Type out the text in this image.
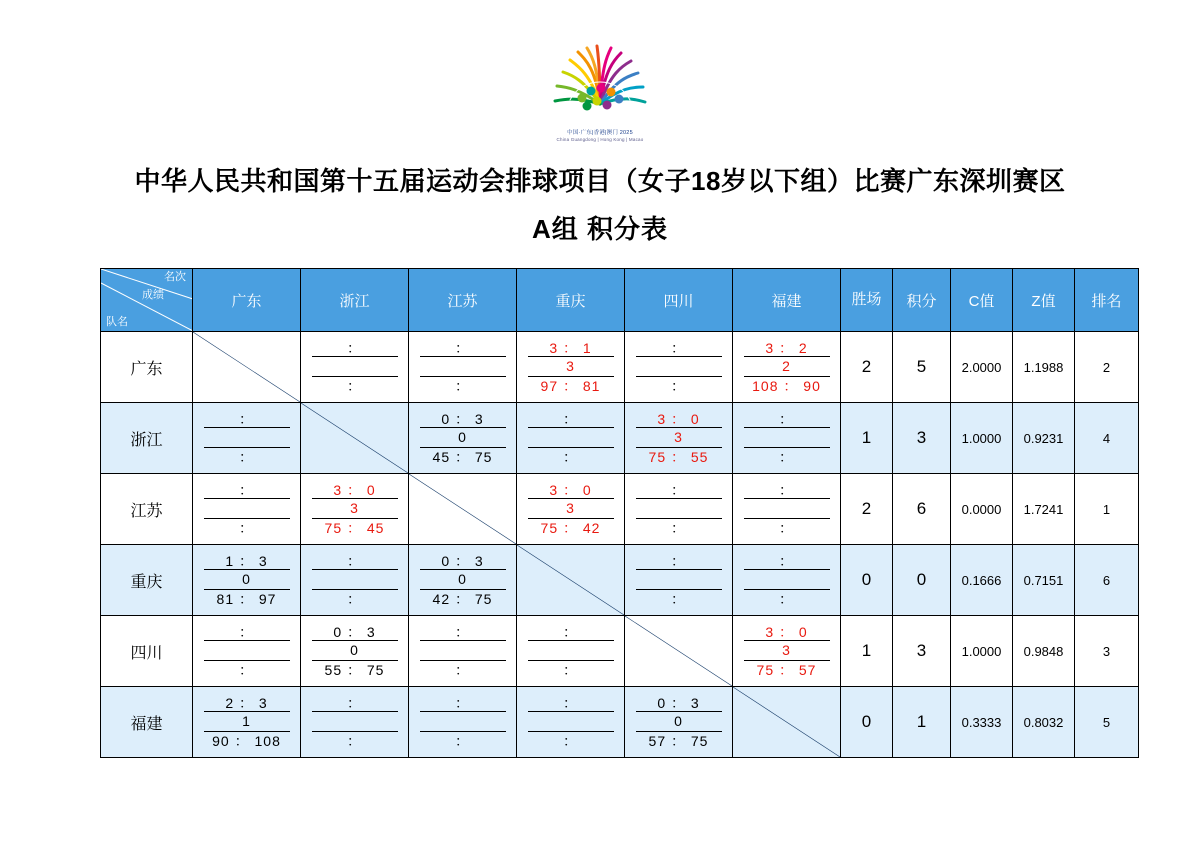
中国·广东|香港|澳门 2025
China Guangdong | Hong Kong | Macao
中华人民共和国第十五届运动会排球项目（女子18岁以下组）比赛广东深圳赛区
A组 积分表
名次
成绩
队名	广东	浙江	江苏	重庆	四川	福建	胜场	积分	C值	Z值	排名
广东		：

：	：

：	3 ： 1
3
97 ： 81	：

：	3 ： 2
2
108 ： 90	2	5	2.0000	1.1988	2
浙江	：

：		0 ： 3
0
45 ： 75	：

：	3 ： 0
3
75 ： 55	：

：	1	3	1.0000	0.9231	4
江苏	：

：	3 ： 0
3
75 ： 45		3 ： 0
3
75 ： 42	：

：	：

：	2	6	0.0000	1.7241	1
重庆	1 ： 3
0
81 ： 97	：

：	0 ： 3
0
42 ： 75		：

：	：

：	0	0	0.1666	0.7151	6
四川	：

：	0 ： 3
0
55 ： 75	：

：	：

：		3 ： 0
3
75 ： 57	1	3	1.0000	0.9848	3
福建	2 ： 3
1
90 ： 108	：

：	：

：	：

：	0 ： 3
0
57 ： 75		0	1	0.3333	0.8032	5
